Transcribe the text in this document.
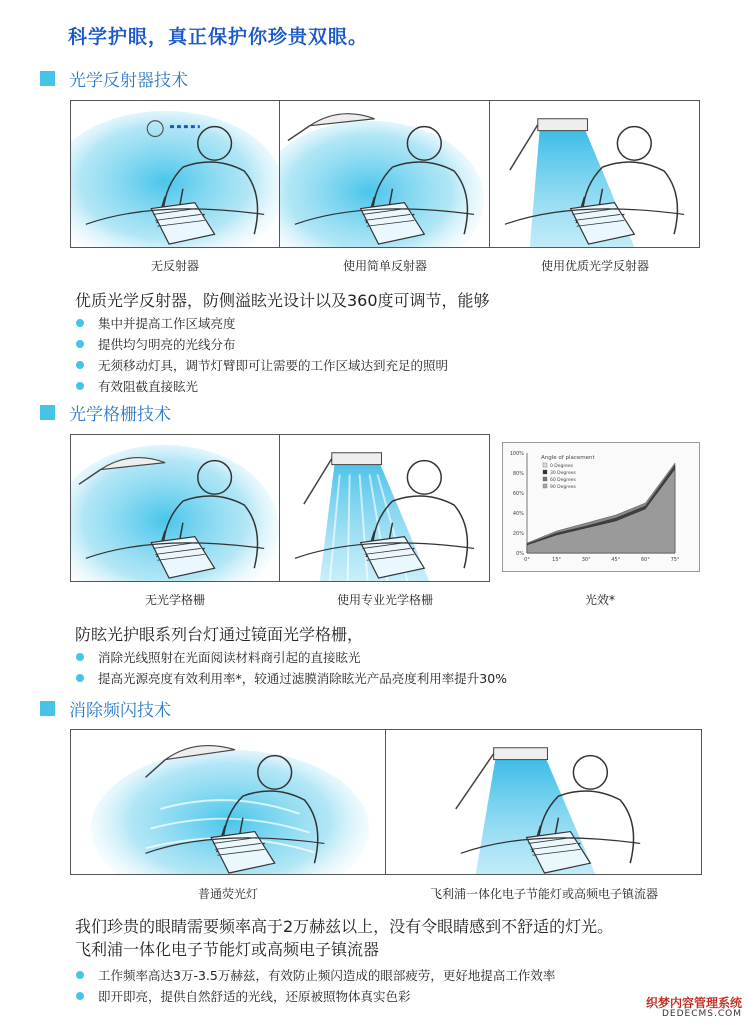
科学护眼，真正保护你珍贵双眼。
光学反射器技术
无反射器	使用简单反射器	使用优质光学反射器
优质光学反射器，防侧溢眩光设计以及360度可调节，能够
集中并提高工作区域亮度
提供均匀明亮的光线分布
无须移动灯具，调节灯臂即可让需要的工作区域达到充足的照明
有效阻截直接眩光
光学格栅技术
0%
20%
40%
60%
80%
100%
0°	15°	30°	45°	60°	75°
Angle of placement
0 Degrees
30 Degrees
60 Degrees
90 Degrees
无光学格栅	使用专业光学格栅	光效*
防眩光护眼系列台灯通过镜面光学格栅，
消除光线照射在光面阅读材料商引起的直接眩光
提高光源亮度有效利用率*，较通过滤膜消除眩光产品亮度利用率提升30%
消除频闪技术
普通荧光灯	飞利浦一体化电子节能灯或高频电子镇流器
我们珍贵的眼睛需要频率高于2万赫兹以上，没有令眼睛感到不舒适的灯光。
飞利浦一体化电子节能灯或高频电子镇流器
工作频率高达3万-3.5万赫兹，有效防止频闪造成的眼部疲劳，更好地提高工作效率
即开即亮，提供自然舒适的光线，还原被照物体真实色彩	织梦内容管理系统
DEDECMS.COM
